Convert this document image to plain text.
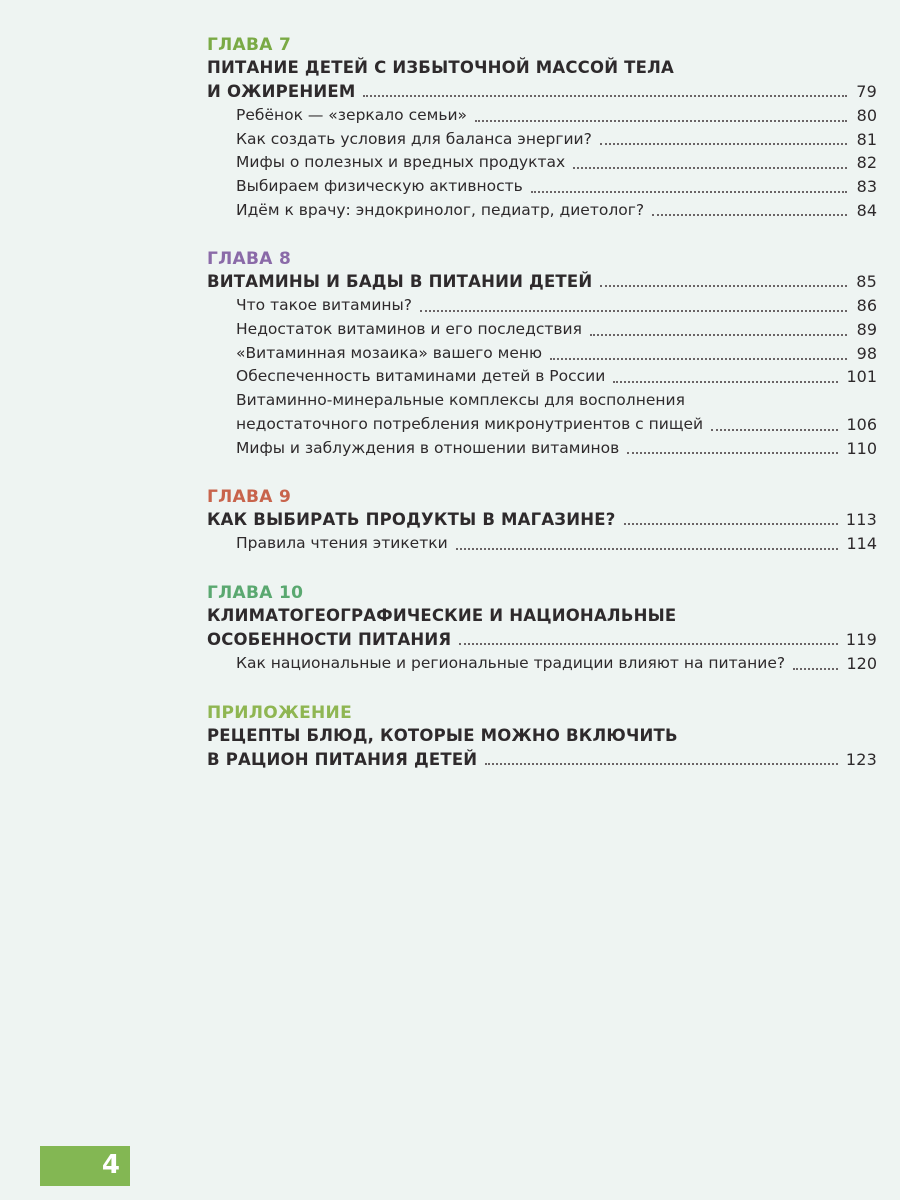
ГЛАВА 7
ПИТАНИЕ ДЕТЕЙ С ИЗБЫТОЧНОЙ МАССОЙ ТЕЛА
И ОЖИРЕНИЕМ	79
Ребёнок — «зеркало семьи»	80
Как создать условия для баланса энергии?	81
Мифы о полезных и вредных продуктах	82
Выбираем физическую активность	83
Идём к врачу: эндокринолог, педиатр, диетолог?	84
ГЛАВА 8
ВИТАМИНЫ И БАДЫ В ПИТАНИИ ДЕТЕЙ	85
Что такое витамины?	86
Недостаток витаминов и его последствия	89
«Витаминная мозаика» вашего меню	98
Обеспеченность витаминами детей в России	101
Витаминно-минеральные комплексы для восполнения
недостаточного потребления микронутриентов с пищей	106
Мифы и заблуждения в отношении витаминов	110
ГЛАВА 9
КАК ВЫБИРАТЬ ПРОДУКТЫ В МАГАЗИНЕ?	113
Правила чтения этикетки	114
ГЛАВА 10
КЛИМАТОГЕОГРАФИЧЕСКИЕ И НАЦИОНАЛЬНЫЕ
ОСОБЕННОСТИ ПИТАНИЯ	119
Как национальные и региональные традиции влияют на питание?	120
ПРИЛОЖЕНИЕ
РЕЦЕПТЫ БЛЮД, КОТОРЫЕ МОЖНО ВКЛЮЧИТЬ
В РАЦИОН ПИТАНИЯ ДЕТЕЙ	123
4
